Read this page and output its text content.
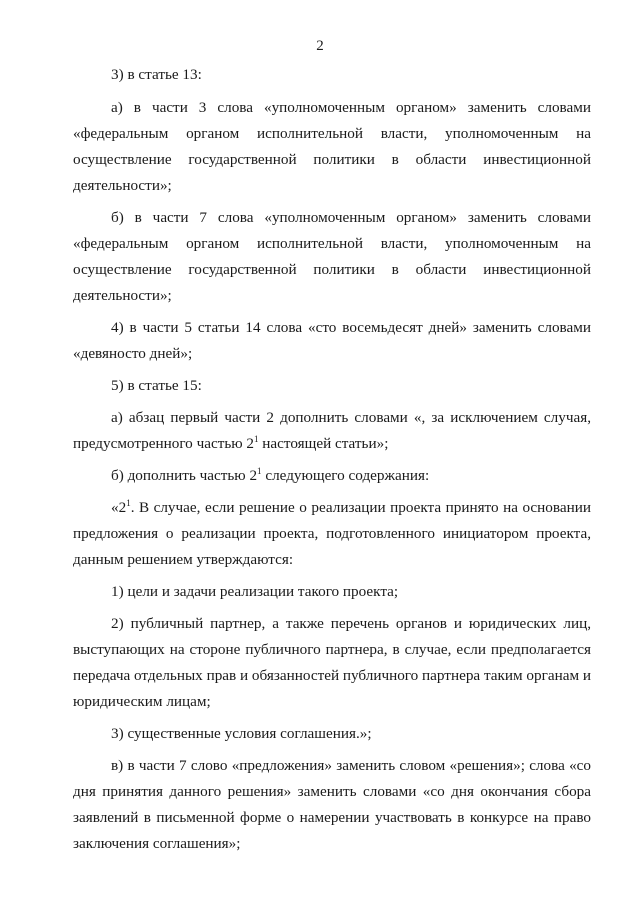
2

3) в статье 13:

а) в части 3 слова «уполномоченным органом» заменить словами «федеральным органом исполнительной власти, уполномоченным на осуществление государственной политики в области инвестиционной деятельности»;

б) в части 7 слова «уполномоченным органом» заменить словами «федеральным органом исполнительной власти, уполномоченным на осуществление государственной политики в области инвестиционной деятельности»;

4) в части 5 статьи 14 слова «сто восемьдесят дней» заменить словами «девяносто дней»;

5) в статье 15:

а) абзац первый части 2 дополнить словами «, за исключением случая, предусмотренного частью $2^1$ настоящей статьи»;

б) дополнить частью $2^1$ следующего содержания:

«$2^1$. В случае, если решение о реализации проекта принято на основании предложения о реализации проекта, подготовленного инициатором проекта, данным решением утверждаются:

1) цели и задачи реализации такого проекта;

2) публичный партнер, а также перечень органов и юридических лиц, выступающих на стороне публичного партнера, в случае, если предполагается передача отдельных прав и обязанностей публичного партнера таким органам и юридическим лицам;

3) существенные условия соглашения.»;

в) в части 7 слово «предложения» заменить словом «решения»; слова «со дня принятия данного решения» заменить словами «со дня окончания сбора заявлений в письменной форме о намерении участвовать в конкурсе на право заключения соглашения»;
